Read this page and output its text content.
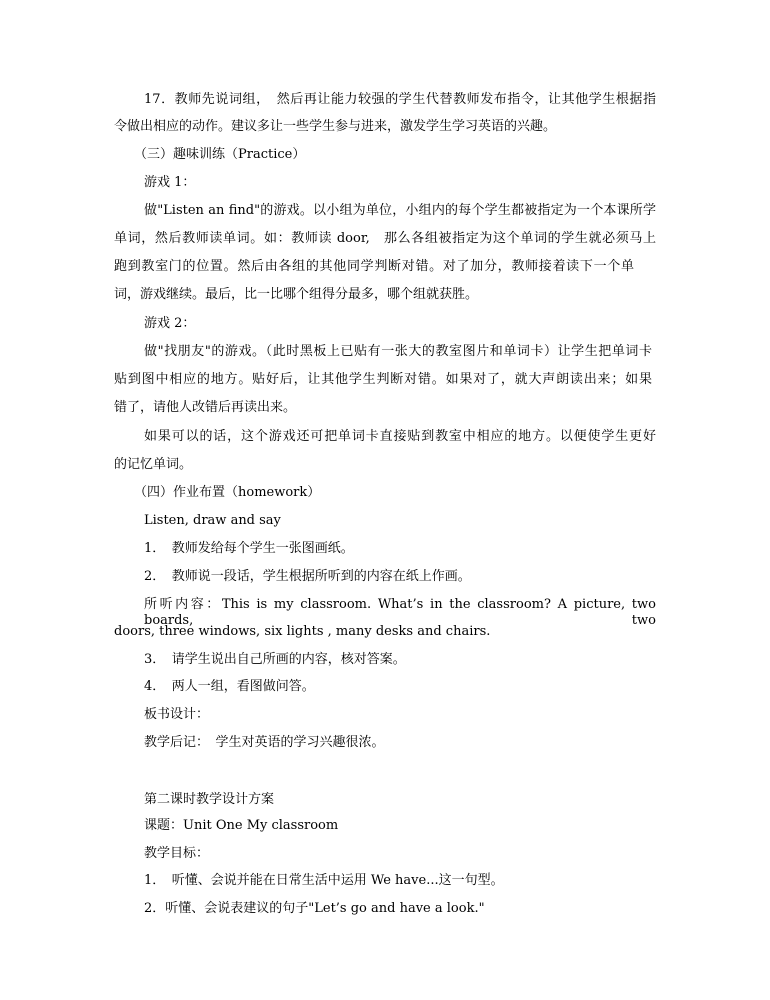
17．教师先说词组，　然后再让能力较强的学生代替教师发布指令，让其他学生根据指
令做出相应的动作。建议多让一些学生参与进来，激发学生学习英语的兴趣。
（三）趣味训练（Practice）
游戏 1：
做"Listen an find"的游戏。以小组为单位，小组内的每个学生都被指定为一个本课所学
单词，然后教师读单词。如：教师读 door,　那么各组被指定为这个单词的学生就必须马上
跑到教室门的位置。然后由各组的其他同学判断对错。对了加分，教师接着读下一个单
词，游戏继续。最后，比一比哪个组得分最多，哪个组就获胜。
游戏 2：
做"找朋友"的游戏。（此时黑板上已贴有一张大的教室图片和单词卡）让学生把单词卡
贴到图中相应的地方。贴好后，让其他学生判断对错。如果对了，就大声朗读出来；如果
错了，请他人改错后再读出来。
如果可以的话，这个游戏还可把单词卡直接贴到教室中相应的地方。以便使学生更好
的记忆单词。
（四）作业布置（homework）
Listen, draw and say
1．　教师发给每个学生一张图画纸。
2．　教师说一段话，学生根据所听到的内容在纸上作画。
所听内容：This is my classroom. What’s in the classroom? A picture, two boards, two
doors, three windows, six lights , many desks and chairs.
3．　请学生说出自己所画的内容，核对答案。
4．　两人一组，看图做问答。
板书设计：
教学后记：　学生对英语的学习兴趣很浓。
第二课时教学设计方案
课题：Unit One My classroom
教学目标：
1．　听懂、会说并能在日常生活中运用 We have...这一句型。
2．听懂、会说表建议的句子"Let’s go and have a look."
